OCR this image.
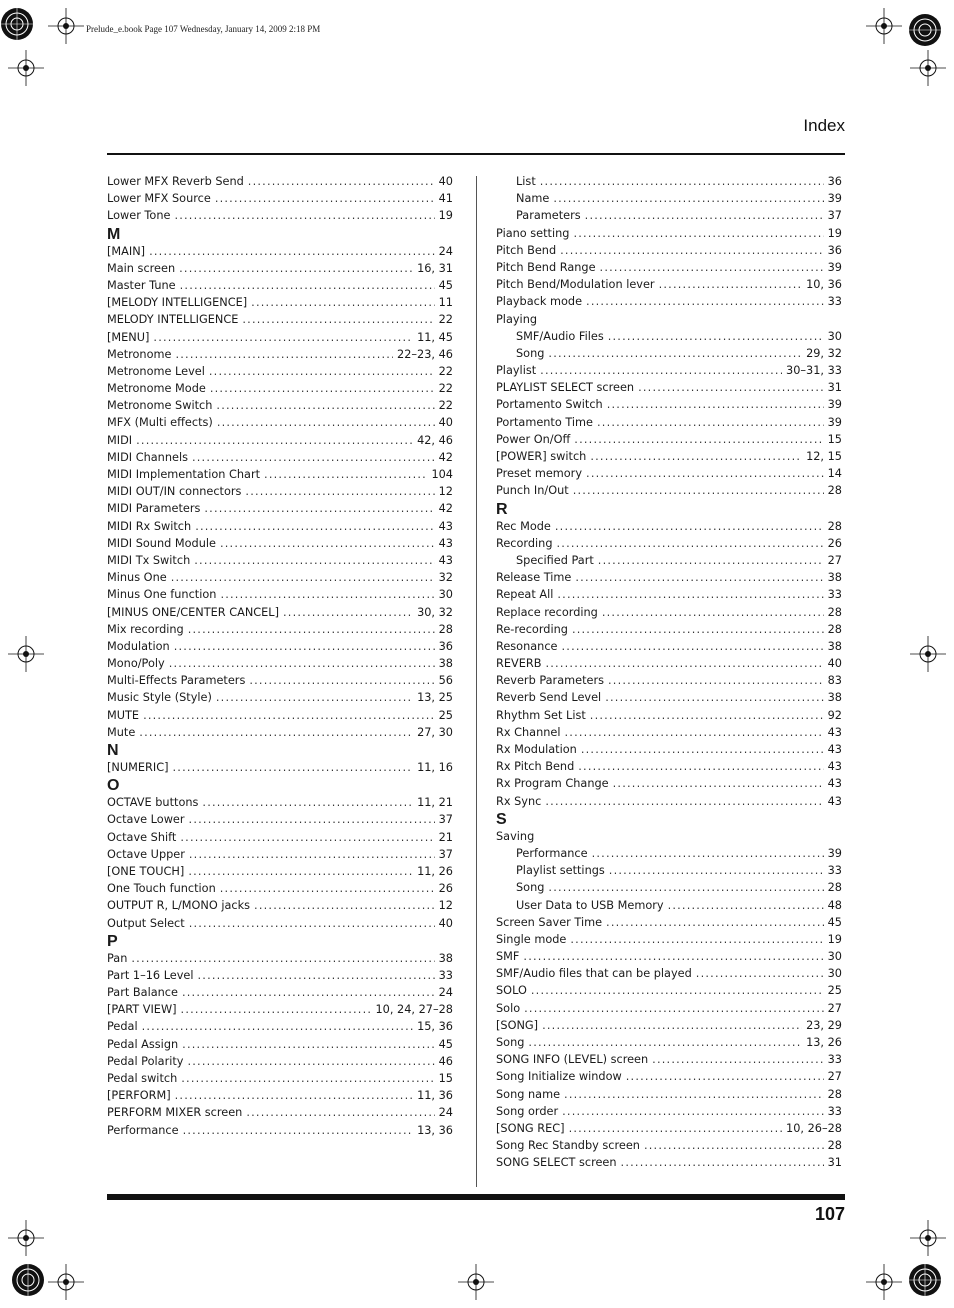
Prelude_e.book Page 107 Wednesday, January 14, 2009 2:18 PM
Index
Lower MFX Reverb Send .....	40
Lower MFX Source .....	41
Lower Tone .....	19
M
[MAIN] .....	24
Main screen .....	16, 31
Master Tune .....	45
[MELODY INTELLIGENCE] .....	11
MELODY INTELLIGENCE .....	22
[MENU] .....	11, 45
Metronome .....	22–23, 46
Metronome Level .....	22
Metronome Mode .....	22
Metronome Switch .....	22
MFX (Multi effects) .....	40
MIDI .....	42, 46
MIDI Channels .....	42
MIDI Implementation Chart .....	104
MIDI OUT/IN connectors .....	12
MIDI Parameters .....	42
MIDI Rx Switch .....	43
MIDI Sound Module .....	43
MIDI Tx Switch .....	43
Minus One .....	32
Minus One function .....	30
[MINUS ONE/CENTER CANCEL] .....	30, 32
Mix recording .....	28
Modulation .....	36
Mono/Poly .....	38
Multi-Effects Parameters .....	56
Music Style (Style) .....	13, 25
MUTE .....	25
Mute .....	27, 30
N
[NUMERIC] .....	11, 16
O
OCTAVE buttons .....	11, 21
Octave Lower .....	37
Octave Shift .....	21
Octave Upper .....	37
[ONE TOUCH] .....	11, 26
One Touch function .....	26
OUTPUT R, L/MONO jacks .....	12
Output Select .....	40
P
Pan .....	38
Part 1–16 Level .....	33
Part Balance .....	24
[PART VIEW] .....	10, 24, 27–28
Pedal .....	15, 36
Pedal Assign .....	45
Pedal Polarity .....	46
Pedal switch .....	15
[PERFORM] .....	11, 36
PERFORM MIXER screen .....	24
Performance .....	13, 36
List .....	36
Name .....	39
Parameters .....	37
Piano setting .....	19
Pitch Bend .....	36
Pitch Bend Range .....	39
Pitch Bend/Modulation lever .....	10, 36
Playback mode .....	33
Playing
SMF/Audio Files .....	30
Song .....	29, 32
Playlist .....	30–31, 33
PLAYLIST SELECT screen .....	31
Portamento Switch .....	39
Portamento Time .....	39
Power On/Off .....	15
[POWER] switch .....	12, 15
Preset memory .....	14
Punch In/Out .....	28
R
Rec Mode .....	28
Recording .....	26
Specified Part .....	27
Release Time .....	38
Repeat All .....	33
Replace recording .....	28
Re-recording .....	28
Resonance .....	38
REVERB .....	40
Reverb Parameters .....	83
Reverb Send Level .....	38
Rhythm Set List .....	92
Rx Channel .....	43
Rx Modulation .....	43
Rx Pitch Bend .....	43
Rx Program Change .....	43
Rx Sync .....	43
S
Saving
Performance .....	39
Playlist settings .....	33
Song .....	28
User Data to USB Memory .....	48
Screen Saver Time .....	45
Single mode .....	19
SMF .....	30
SMF/Audio files that can be played .....	30
SOLO .....	25
Solo .....	27
[SONG] .....	23, 29
Song .....	13, 26
SONG INFO (LEVEL) screen .....	33
Song Initialize window .....	27
Song name .....	28
Song order .....	33
[SONG REC] .....	10, 26–28
Song Rec Standby screen .....	28
SONG SELECT screen .....	31
107
